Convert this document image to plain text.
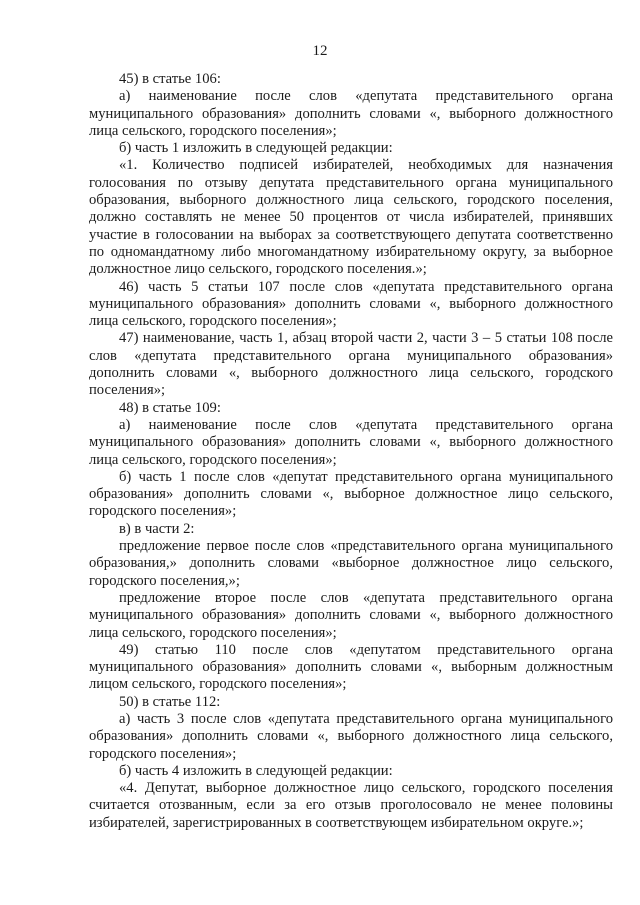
12

45) в статье 106:

а) наименование после слов «депутата представительного органа муниципального образования» дополнить словами «, выборного должностного лица сельского, городского поселения»;

б) часть 1 изложить в следующей редакции:

«1. Количество подписей избирателей, необходимых для назначения голосования по отзыву депутата представительного органа муниципального образования, выборного должностного лица сельского, городского поселения, должно составлять не менее 50 процентов от числа избирателей, принявших участие в голосовании на выборах за соответствующего депутата соответственно по одномандатному либо многомандатному избирательному округу, за выборное должностное лицо сельского, городского поселения.»;

46) часть 5 статьи 107 после слов «депутата представительного органа муниципального образования» дополнить словами «, выборного должностного лица сельского, городского поселения»;

47) наименование, часть 1, абзац второй части 2, части 3 – 5 статьи 108 после слов «депутата представительного органа муниципального образования» дополнить словами «, выборного должностного лица сельского, городского поселения»;

48) в статье 109:

а) наименование после слов «депутата представительного органа муниципального образования» дополнить словами «, выборного должностного лица сельского, городского поселения»;

б) часть 1 после слов «депутат представительного органа муниципального образования» дополнить словами «, выборное должностное лицо сельского, городского поселения»;

в) в части 2:

предложение первое после слов «представительного органа муниципального образования,» дополнить словами «выборное должностное лицо сельского, городского поселения,»;

предложение второе после слов «депутата представительного органа муниципального образования» дополнить словами «, выборного должностного лица сельского, городского поселения»;

49) статью 110 после слов «депутатом представительного органа муниципального образования» дополнить словами «, выборным должностным лицом сельского, городского поселения»;

50) в статье 112:

а) часть 3 после слов «депутата представительного органа муниципального образования» дополнить словами «, выборного должностного лица сельского, городского поселения»;

б) часть 4 изложить в следующей редакции:

«4. Депутат, выборное должностное лицо сельского, городского поселения считается отозванным, если за его отзыв проголосовало не менее половины избирателей, зарегистрированных в соответствующем избирательном округе.»;
